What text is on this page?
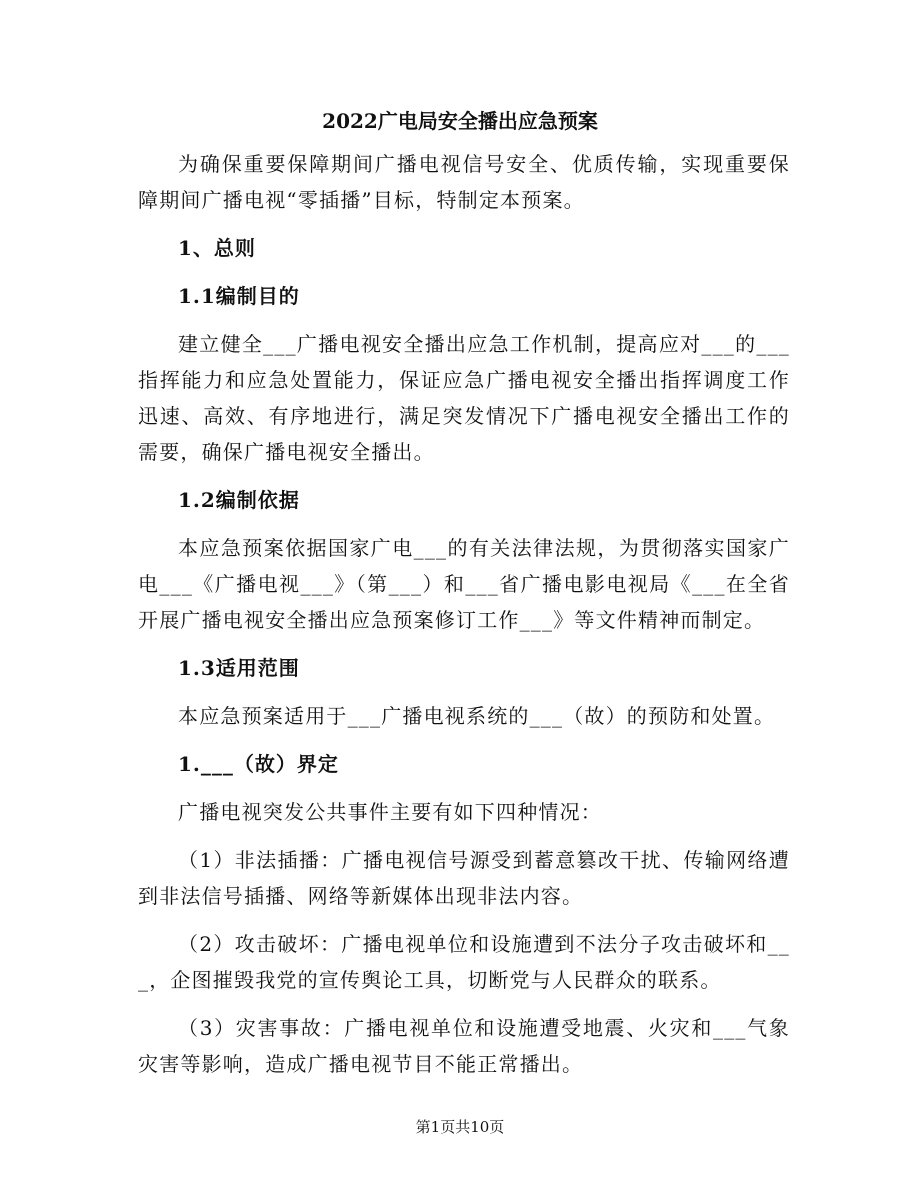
2022广电局安全播出应急预案

为确保重要保障期间广播电视信号安全、优质传输，实现重要保障期间广播电视“零插播”目标，特制定本预案。

1、总则

1.1编制目的

建立健全___广播电视安全播出应急工作机制，提高应对___的___指挥能力和应急处置能力，保证应急广播电视安全播出指挥调度工作迅速、高效、有序地进行，满足突发情况下广播电视安全播出工作的需要，确保广播电视安全播出。

1.2编制依据

本应急预案依据国家广电___的有关法律法规，为贯彻落实国家广电___《广播电视___》（第___）和___省广播电影电视局《___在全省开展广播电视安全播出应急预案修订工作___》等文件精神而制定。

1.3适用范围

本应急预案适用于___广播电视系统的___（故）的预防和处置。

1.___（故）界定

广播电视突发公共事件主要有如下四种情况：

（1）非法插播：广播电视信号源受到蓄意篡改干扰、传输网络遭到非法信号插播、网络等新媒体出现非法内容。

（2）攻击破坏：广播电视单位和设施遭到不法分子攻击破坏和___，企图摧毁我党的宣传舆论工具，切断党与人民群众的联系。

（3）灾害事故：广播电视单位和设施遭受地震、火灾和___气象灾害等影响，造成广播电视节目不能正常播出。

第1页共10页
